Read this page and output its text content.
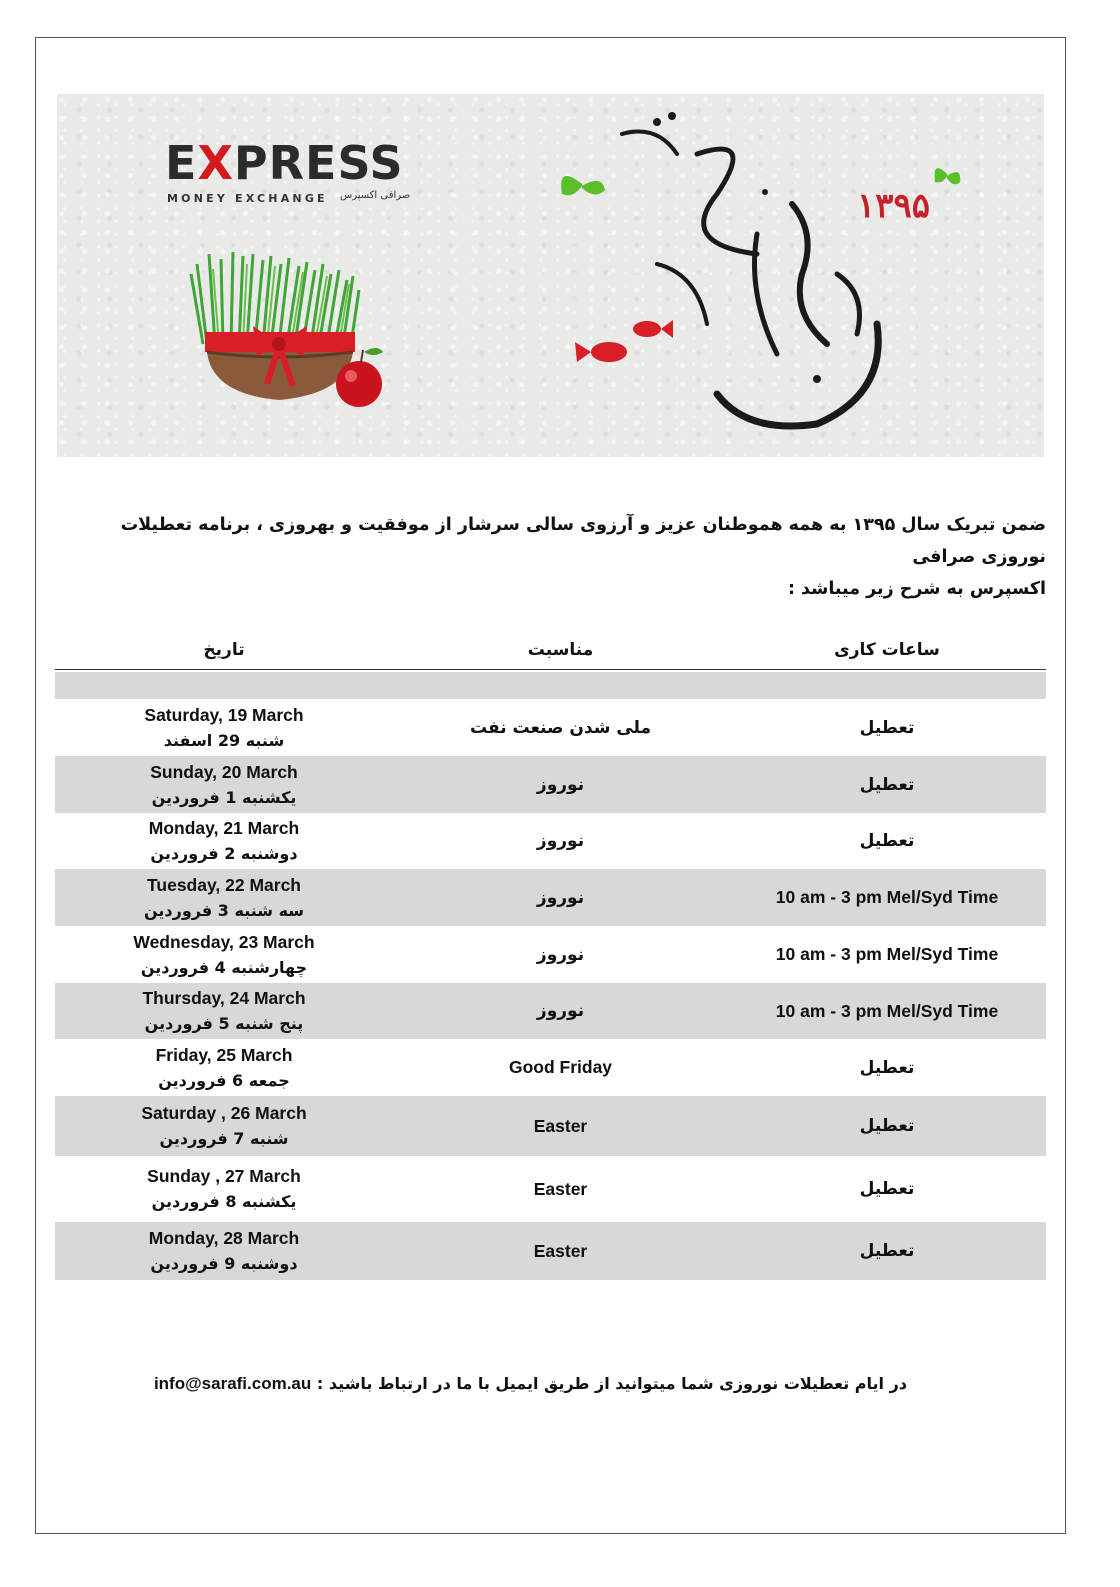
EXPRESS
MONEY EXCHANGE صرافی اکسپرس	۱۳۹۵
ضمن تبریک سال ۱۳۹۵ به همه هموطنان عزیز و آرزوی سالی سرشار از موفقیت و بهروزی ، برنامه تعطیلات نوروزی صرافی
اکسپرس به شرح زیر میباشد :
تاریخ	مناسبت	ساعات کاری
Saturday, 19 March
شنبه 29 اسفند
ملی شدن صنعت نفت	تعطیل
Sunday, 20 March
یکشنبه 1 فروردین
نوروز	تعطیل
Monday, 21 March
دوشنبه 2 فروردین
نوروز	تعطیل
Tuesday, 22 March
سه شنبه 3 فروردین
نوروز	10 am - 3 pm Mel/Syd Time
Wednesday, 23 March
چهارشنبه 4 فروردین
نوروز	10 am - 3 pm Mel/Syd Time
Thursday, 24 March
پنج شنبه 5 فروردین
نوروز	10 am - 3 pm Mel/Syd Time
Friday, 25 March
جمعه 6 فروردین
Good Friday	تعطیل
Saturday , 26 March
شنبه 7 فروردین
Easter	تعطیل
Sunday , 27 March
یکشنبه 8 فروردین
Easter	تعطیل
Monday, 28 March
دوشنبه 9 فروردین
Easter	تعطیل
در ایام تعطیلات نوروزی شما میتوانید از طریق ایمیل با ما در ارتباط باشید : info@sarafi.com.au
